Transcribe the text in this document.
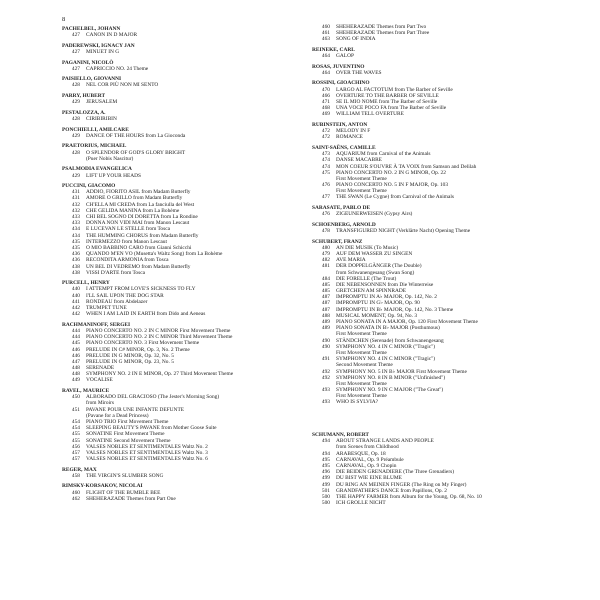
8
PACHELBEL, JOHANN
427	CANON IN D MAJOR
PADEREWSKI, IGNACY JAN
427	MINUET IN G
PAGANINI, NICOLÒ
427	CAPRICCIO NO. 24 Theme
PAISIELLO, GIOVANNI
428	NEL COR PIÙ NON MI SENTO
PARRY, HUBERT
429	JERUSALEM
PESTALOZZA, A.
428	CIRIBIRIBIN
PONCHIELLI, AMILCARE
429	DANCE OF THE HOURS from La Gioconda
PRAETORIUS, MICHAEL
428	O SPLENDOR OF GOD'S GLORY BRIGHT
(Puer Nobis Nascitur)
PSALMODIA EVANGELICA
429	LIFT UP YOUR HEADS
PUCCINI, GIACOMO
431	ADDIO, FIORITO ASIL from Madam Butterfly
431	AMORE O GRILLO from Madam Butterfly
432	CH'ELLA MI CREDA from La fanciulla del West
432	CHE GELIDA MANINA from La Bohème
433	CHI BEL SOGNO DI DORETTA from La Rondine
433	DONNA NON VIDI MAI from Manon Lescaut
434	E LUCEVAN LE STELLE from Tosca
434	THE HUMMING CHORUS from Madam Butterfly
435	INTERMEZZO from Manon Lescaut
435	O MIO BABBINO CARO from Gianni Schicchi
436	QUANDO M'EN VO (Musetta's Waltz Song) from La Bohème
436	RECONDITA ARMONIA from Tosca
438	UN BEL DI VEDREMO from Madam Butterfly
438	VISSI D'ARTE from Tosca
PURCELL, HENRY
440	I ATTEMPT FROM LOVE'S SICKNESS TO FLY
440	I'LL SAIL UPON THE DOG STAR
441	RONDEAU from Abdelazer
442	TRUMPET TUNE
442	WHEN I AM LAID IN EARTH from Dido and Aeneas
RACHMANINOFF, SERGEI
444	PIANO CONCERTO NO. 2 IN C MINOR First Movement Theme
444	PIANO CONCERTO NO. 2 IN C MINOR Third Movement Theme
445	PIANO CONCERTO NO. 3 First Movement Theme
446	PRELUDE IN C# MINOR, Op. 3, No. 2 Theme
446	PRELUDE IN G MINOR, Op. 32, No. 5
447	PRELUDE IN G MINOR, Op. 23, No. 5
448	SERENADE
448	SYMPHONY NO. 2 IN E MINOR, Op. 27 Third Movement Theme
449	VOCALISE
RAVEL, MAURICE
450	ALBORADO DEL GRACIOSO (The Jester's Morning Song)
from Miroirs
451	PAVANE POUR UNE INFANTE DEFUNTE
(Pavane for a Dead Princess)
454	PIANO TRIO First Movement Theme
454	SLEEPING BEAUTY'S PAVANE from Mother Goose Suite
455	SONATINE First Movement Theme
455	SONATINE Second Movement Theme
456	VALSES NOBLES ET SENTIMENTALES Waltz No. 2
457	VALSES NOBLES ET SENTIMENTALES Waltz No. 3
457	VALSES NOBLES ET SENTIMENTALES Waltz No. 6
REGER, MAX
458	THE VIRGIN'S SLUMBER SONG
RIMSKY-KORSAKOV, NICOLAI
460	FLIGHT OF THE BUMBLE BEE
462	SHEHERAZADE Themes from Part One
460	SHEHERAZADE Themes from Part Two
461	SHEHERAZADE Themes from Part Three
463	SONG OF INDIA
REINEKE, CARL
464	GALOP
ROSAS, JUVENTINO
464	OVER THE WAVES
ROSSINI, GIOACHINO
470	LARGO AL FACTOTUM from The Barber of Seville
466	OVERTURE TO THE BARBER OF SEVILLE
471	SE IL MIO NOME from The Barber of Seville
468	UNA VOCE POCO FA from The Barber of Seville
469	WILLIAM TELL OVERTURE
RUBINSTEIN, ANTON
472	MELODY IN F
472	ROMANCE
SAINT-SAËNS, CAMILLE
473	AQUARIUM from Carnival of the Animals
474	DANSE MACABRE
474	MON COEUR S'OUVRE À TA VOIX from Samson and Delilah
475	PIANO CONCERTO NO. 2 IN G MINOR, Op. 22
First Movement Theme
476	PIANO CONCERTO NO. 5 IN F MAJOR, Op. 103
First Movement Theme
477	THE SWAN (Le Cygne) from Carnival of the Animals
SARASATE, PABLO DE
476	ZIGEUNERWEISEN (Gypsy Airs)
SCHOENBERG, ARNOLD
478	TRANSFIGURED NIGHT (Verklärte Nacht) Opening Theme
SCHUBERT, FRANZ
480	AN DIE MUSIK (To Music)
479	AUF DEM WASSER ZU SINGEN
482	AVE MARIA
481	DER DOPPELGÄNGER (The Double)
from Schwanengesang (Swan Song)
484	DIE FORELLE (The Trout)
485	DIE NEBENSONNEN from Die Winterreise
485	GRETCHEN AM SPINNRADE
487	IMPROMPTU IN A♭ MAJOR, Op. 142, No. 2
487	IMPROMPTU IN G♭ MAJOR, Op. 90
487	IMPROMPTU IN B♭ MAJOR, Op. 142, No. 3 Theme
488	MUSICAL MOMENT, Op. 94, No. 3
489	PIANO SONATA IN A MAJOR, Op. 120 First Movement Theme
489	PIANO SONATA IN B♭ MAJOR (Posthumous)
First Movement Theme
490	STÄNDCHEN (Serenade) from Schwanengesang
490	SYMPHONY NO. 4 IN C MINOR ("Tragic")
First Movement Theme
491	SYMPHONY NO. 4 IN C MINOR ("Tragic")
Second Movement Theme
492	SYMPHONY NO. 5 IN B♭ MAJOR First Movement Theme
492	SYMPHONY NO. 8 IN B MINOR ("Unfinished")
First Movement Theme
493	SYMPHONY NO. 9 IN C MAJOR ("The Great")
First Movement Theme
493	WHO IS SYLVIA?
SCHUMANN, ROBERT
494	ABOUT STRANGE LANDS AND PEOPLE
from Scenes from Childhood
494	ARABESQUE, Op. 18
495	CARNAVAL, Op. 9 Préambule
495	CARNAVAL, Op. 9 Chopin
496	DIE BEIDEN GRENADIERE (The Three Grenadiers)
499	DU BIST WIE EINE BLUME
499	DU RING AN MEINEN FINGER (The Ring on My Finger)
501	GRANDFATHER'S DANCE from Papillons, Op. 2
500	THE HAPPY FARMER from Album for the Young, Op. 68, No. 10
500	ICH GROLLE NICHT
